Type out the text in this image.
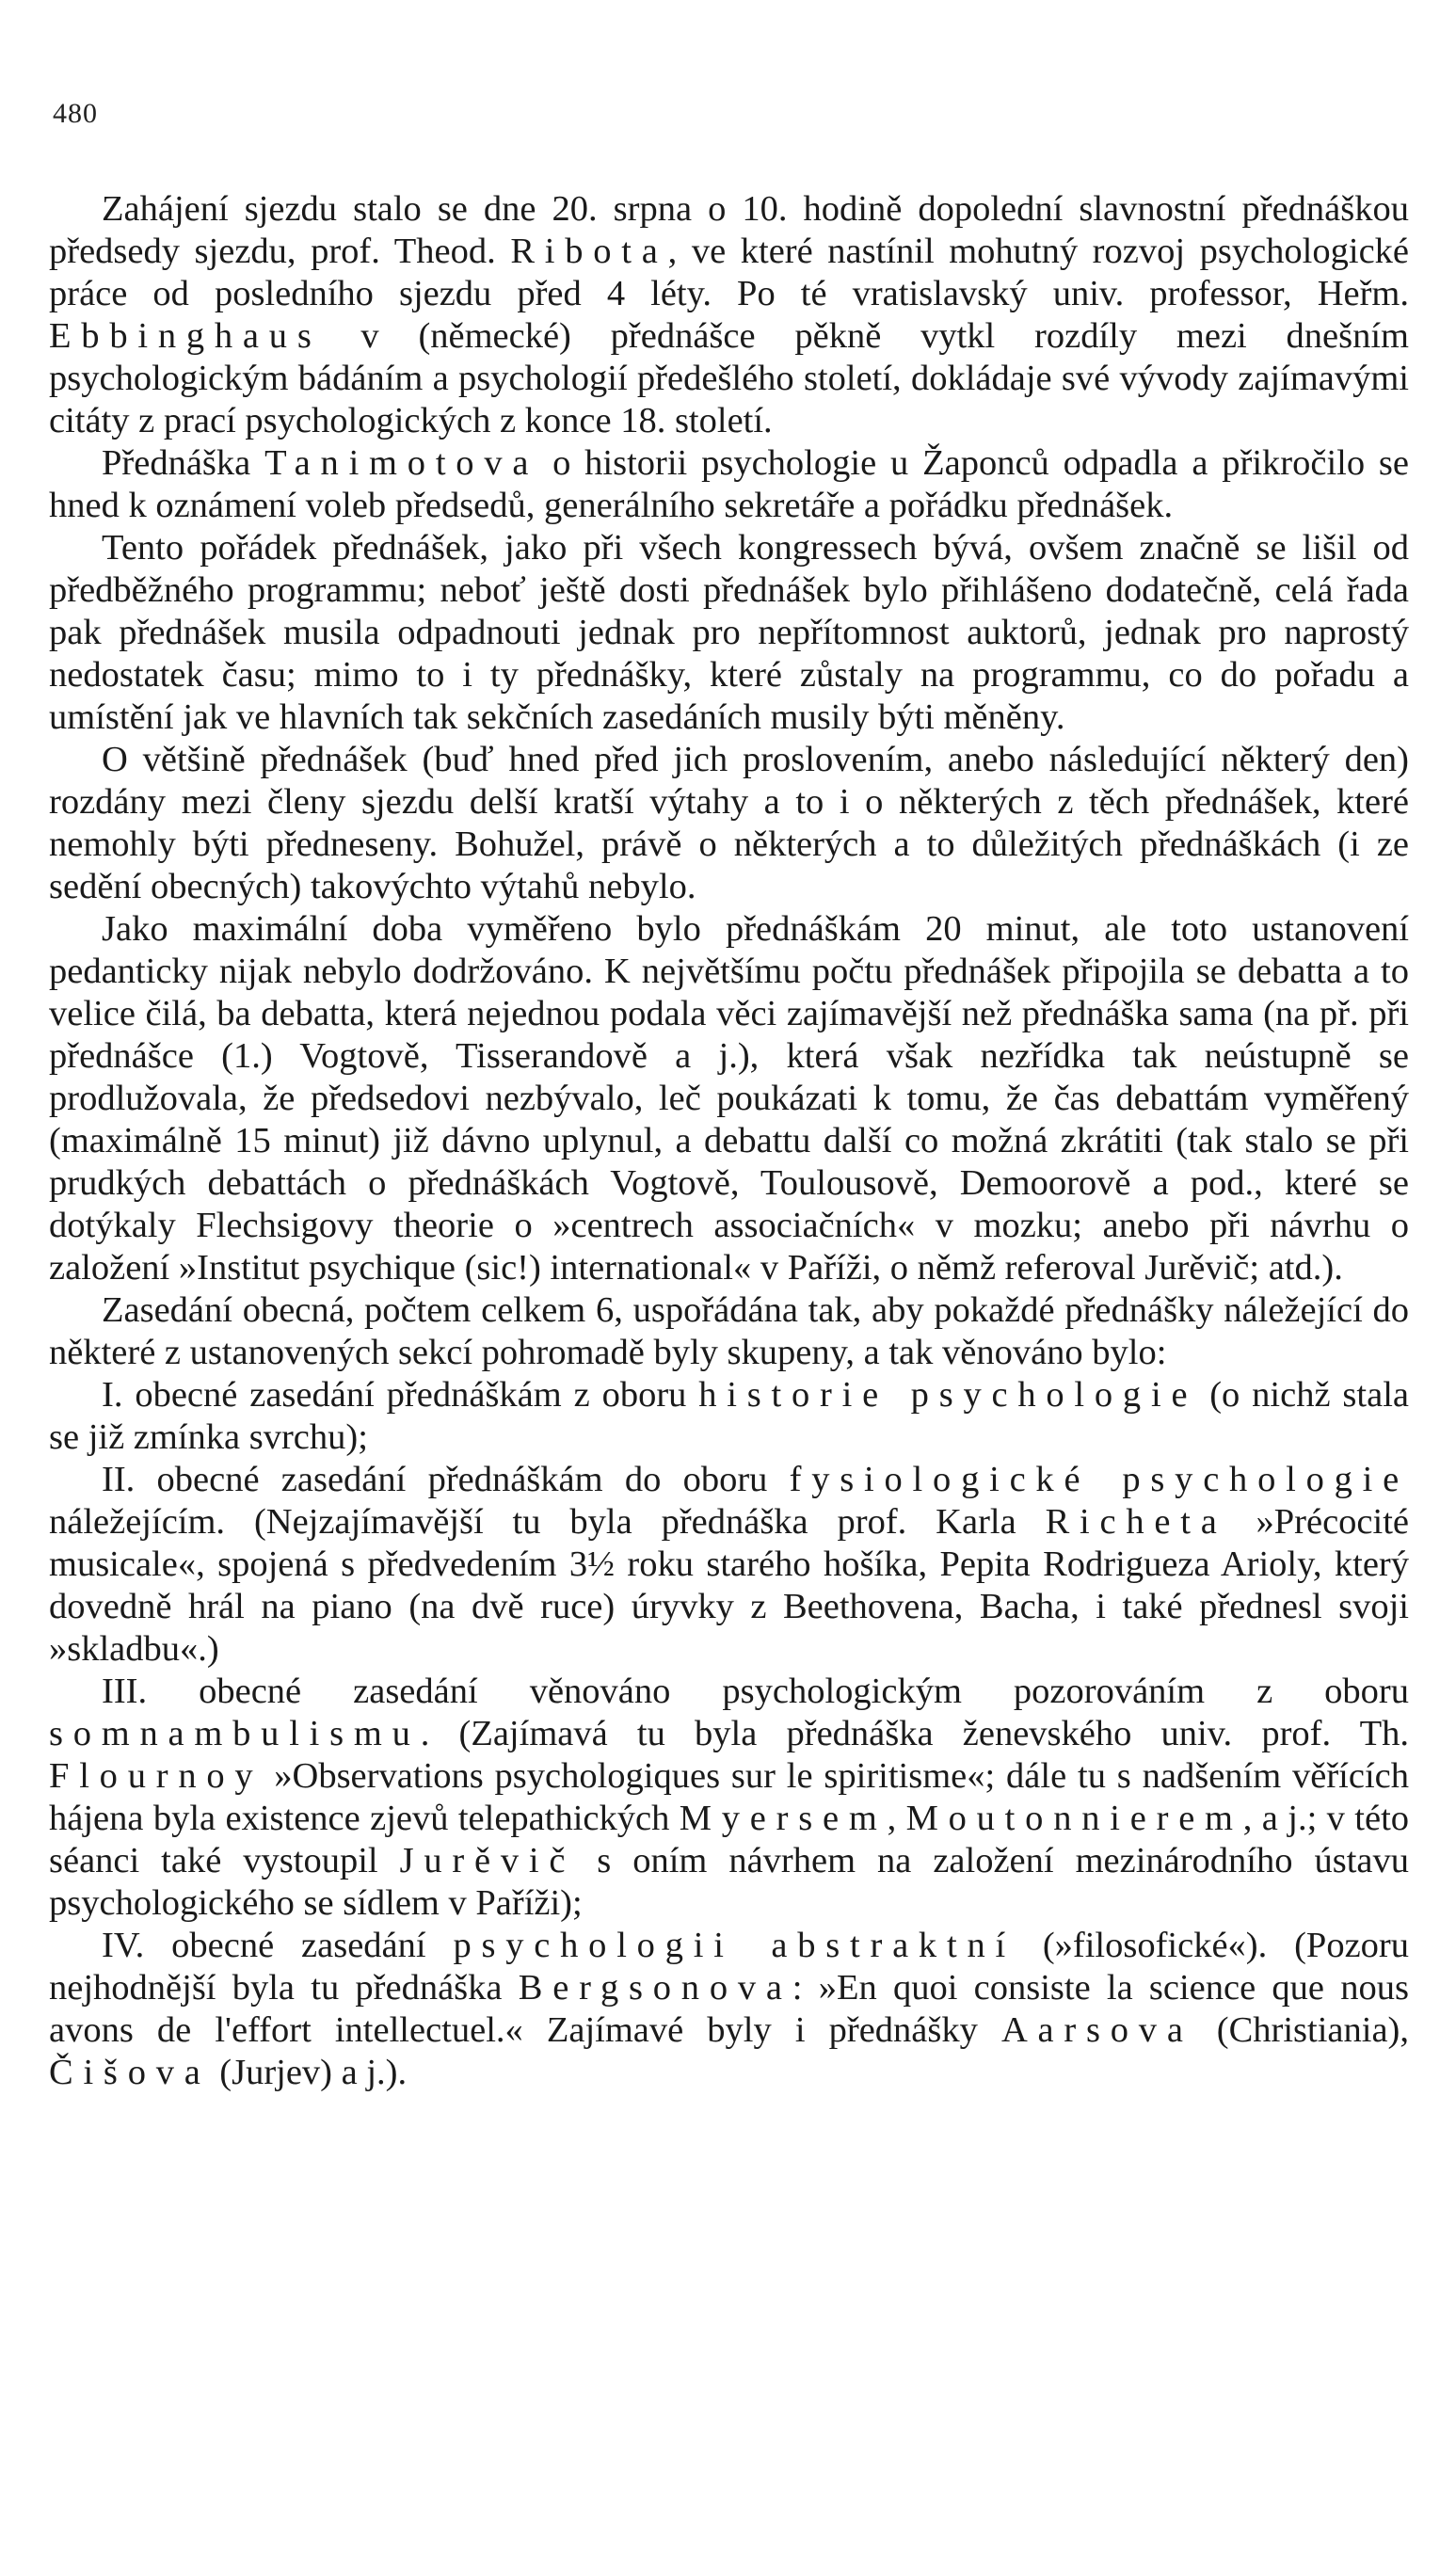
480

Zahájení sjezdu stalo se dne 20. srpna o 10. hodině dopolední slavnostní přednáškou předsedy sjezdu, prof. Theod. Ribota, ve které nastínil mohutný rozvoj psychologické práce od posledního sjezdu před 4 léty. Po té vratislavský univ. professor, Heřm. Ebbinghaus v (německé) přednášce pěkně vytkl rozdíly mezi dnešním psychologickým bádáním a psychologií předešlého století, dokládaje své vývody zajímavými citáty z prací psychologických z konce 18. století.

Přednáška Tanimotova o historii psychologie u Žaponců odpadla a přikročilo se hned k oznámení voleb předsedů, generálního sekretáře a pořádku přednášek.

Tento pořádek přednášek, jako při všech kongressech bývá, ovšem značně se lišil od předběžného programmu; neboť ještě dosti přednášek bylo přihlášeno dodatečně, celá řada pak přednášek musila odpadnouti jednak pro nepřítomnost auktorů, jednak pro naprostý nedostatek času; mimo to i ty přednášky, které zůstaly na programmu, co do pořadu a umístění jak ve hlavních tak sekčních zasedáních musily býti měněny.

O většině přednášek (buď hned před jich proslovením, anebo následující některý den) rozdány mezi členy sjezdu delší kratší výtahy a to i o některých z těch přednášek, které nemohly býti předneseny. Bohužel, právě o některých a to důležitých přednáškách (i ze sedění obecných) takovýchto výtahů nebylo.

Jako maximální doba vyměřeno bylo přednáškám 20 minut, ale toto ustanovení pedanticky nijak nebylo dodržováno. K největšímu počtu přednášek připojila se debatta a to velice čilá, ba debatta, která nejednou podala věci zajímavější než přednáška sama (na př. při přednášce (1.) Vogtově, Tisserandově a j.), která však nezřídka tak neústupně se prodlužovala, že předsedovi nezbývalo, leč poukázati k tomu, že čas debattám vyměřený (maximálně 15 minut) již dávno uplynul, a debattu další co možná zkrátiti (tak stalo se při prudkých debattách o přednáškách Vogtově, Toulousově, Demoorově a pod., které se dotýkaly Flechsigovy theorie o »centrech associačních« v mozku; anebo při návrhu o založení »Institut psychique (sic!) international« v Paříži, o němž referoval Jurěvič; atd.).

Zasedání obecná, počtem celkem 6, uspořádána tak, aby pokaždé přednášky náležející do některé z ustanovených sekcí pohromadě byly skupeny, a tak věnováno bylo:

I. obecné zasedání přednáškám z oboru historie psychologie (o nichž stala se již zmínka svrchu);

II. obecné zasedání přednáškám do oboru fysiologické psychologie náležejícím. (Nejzajímavější tu byla přednáška prof. Karla Richeta »Précocité musicale«, spojená s předvedením 3½ roku starého hošíka, Pepita Rodrigueza Arioly, který dovedně hrál na piano (na dvě ruce) úryvky z Beethovena, Bacha, i také přednesl svoji »skladbu«.)

III. obecné zasedání věnováno psychologickým pozorováním z oboru somnambulismu. (Zajímavá tu byla přednáška ženevského univ. prof. Th. Flournoy »Observations psychologiques sur le spiritisme«; dále tu s nadšením věřících hájena byla existence zjevů telepathických Myersem, Moutonnierem, a j.; v této séanci také vystoupil Jurěvič s oním návrhem na založení mezinárodního ústavu psychologického se sídlem v Paříži);

IV. obecné zasedání psychologii abstraktní (»filosofické«). (Pozoru nejhodnější byla tu přednáška Bergsonova: »En quoi consiste la science que nous avons de l'effort intellectuel.« Zajímavé byly i přednášky Aarsova (Christiania), Čišova (Jurjev) a j.).
